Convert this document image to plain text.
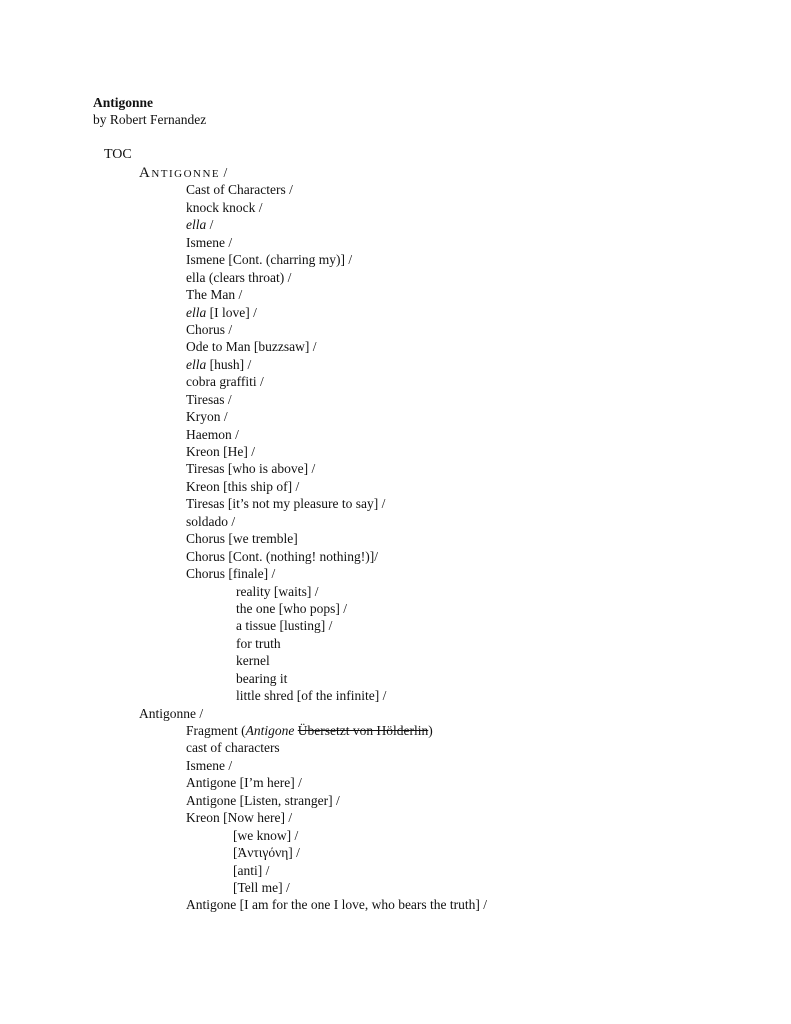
Antigonne
by Robert Fernandez
TOC
Antigonne /
Cast of Characters /
knock knock /
ella /
Ismene /
Ismene [Cont. (charring my)] /
ella (clears throat) /
The Man /
ella [I love] /
Chorus /
Ode to Man [buzzsaw] /
ella [hush] /
cobra graffiti /
Tiresas /
Kryon /
Haemon /
Kreon [He] /
Tiresas [who is above] /
Kreon [this ship of] /
Tiresas [it’s not my pleasure to say] /
soldado /
Chorus [we tremble]
Chorus [Cont. (nothing! nothing!)]/
Chorus [finale] /
reality [waits] /
the one [who pops] /
a tissue [lusting] /
for truth
kernel
bearing it
little shred [of the infinite] /
Antigonne /
Fragment (Antigone Übersetzt von Hölderlin)
cast of characters
Ismene /
Antigone [I’m here] /
Antigone [Listen, stranger] /
Kreon [Now here] /
[we know] /
[Ἀντιγόνη] /
[anti] /
[Tell me] /
Antigone [I am for the one I love, who bears the truth] /
